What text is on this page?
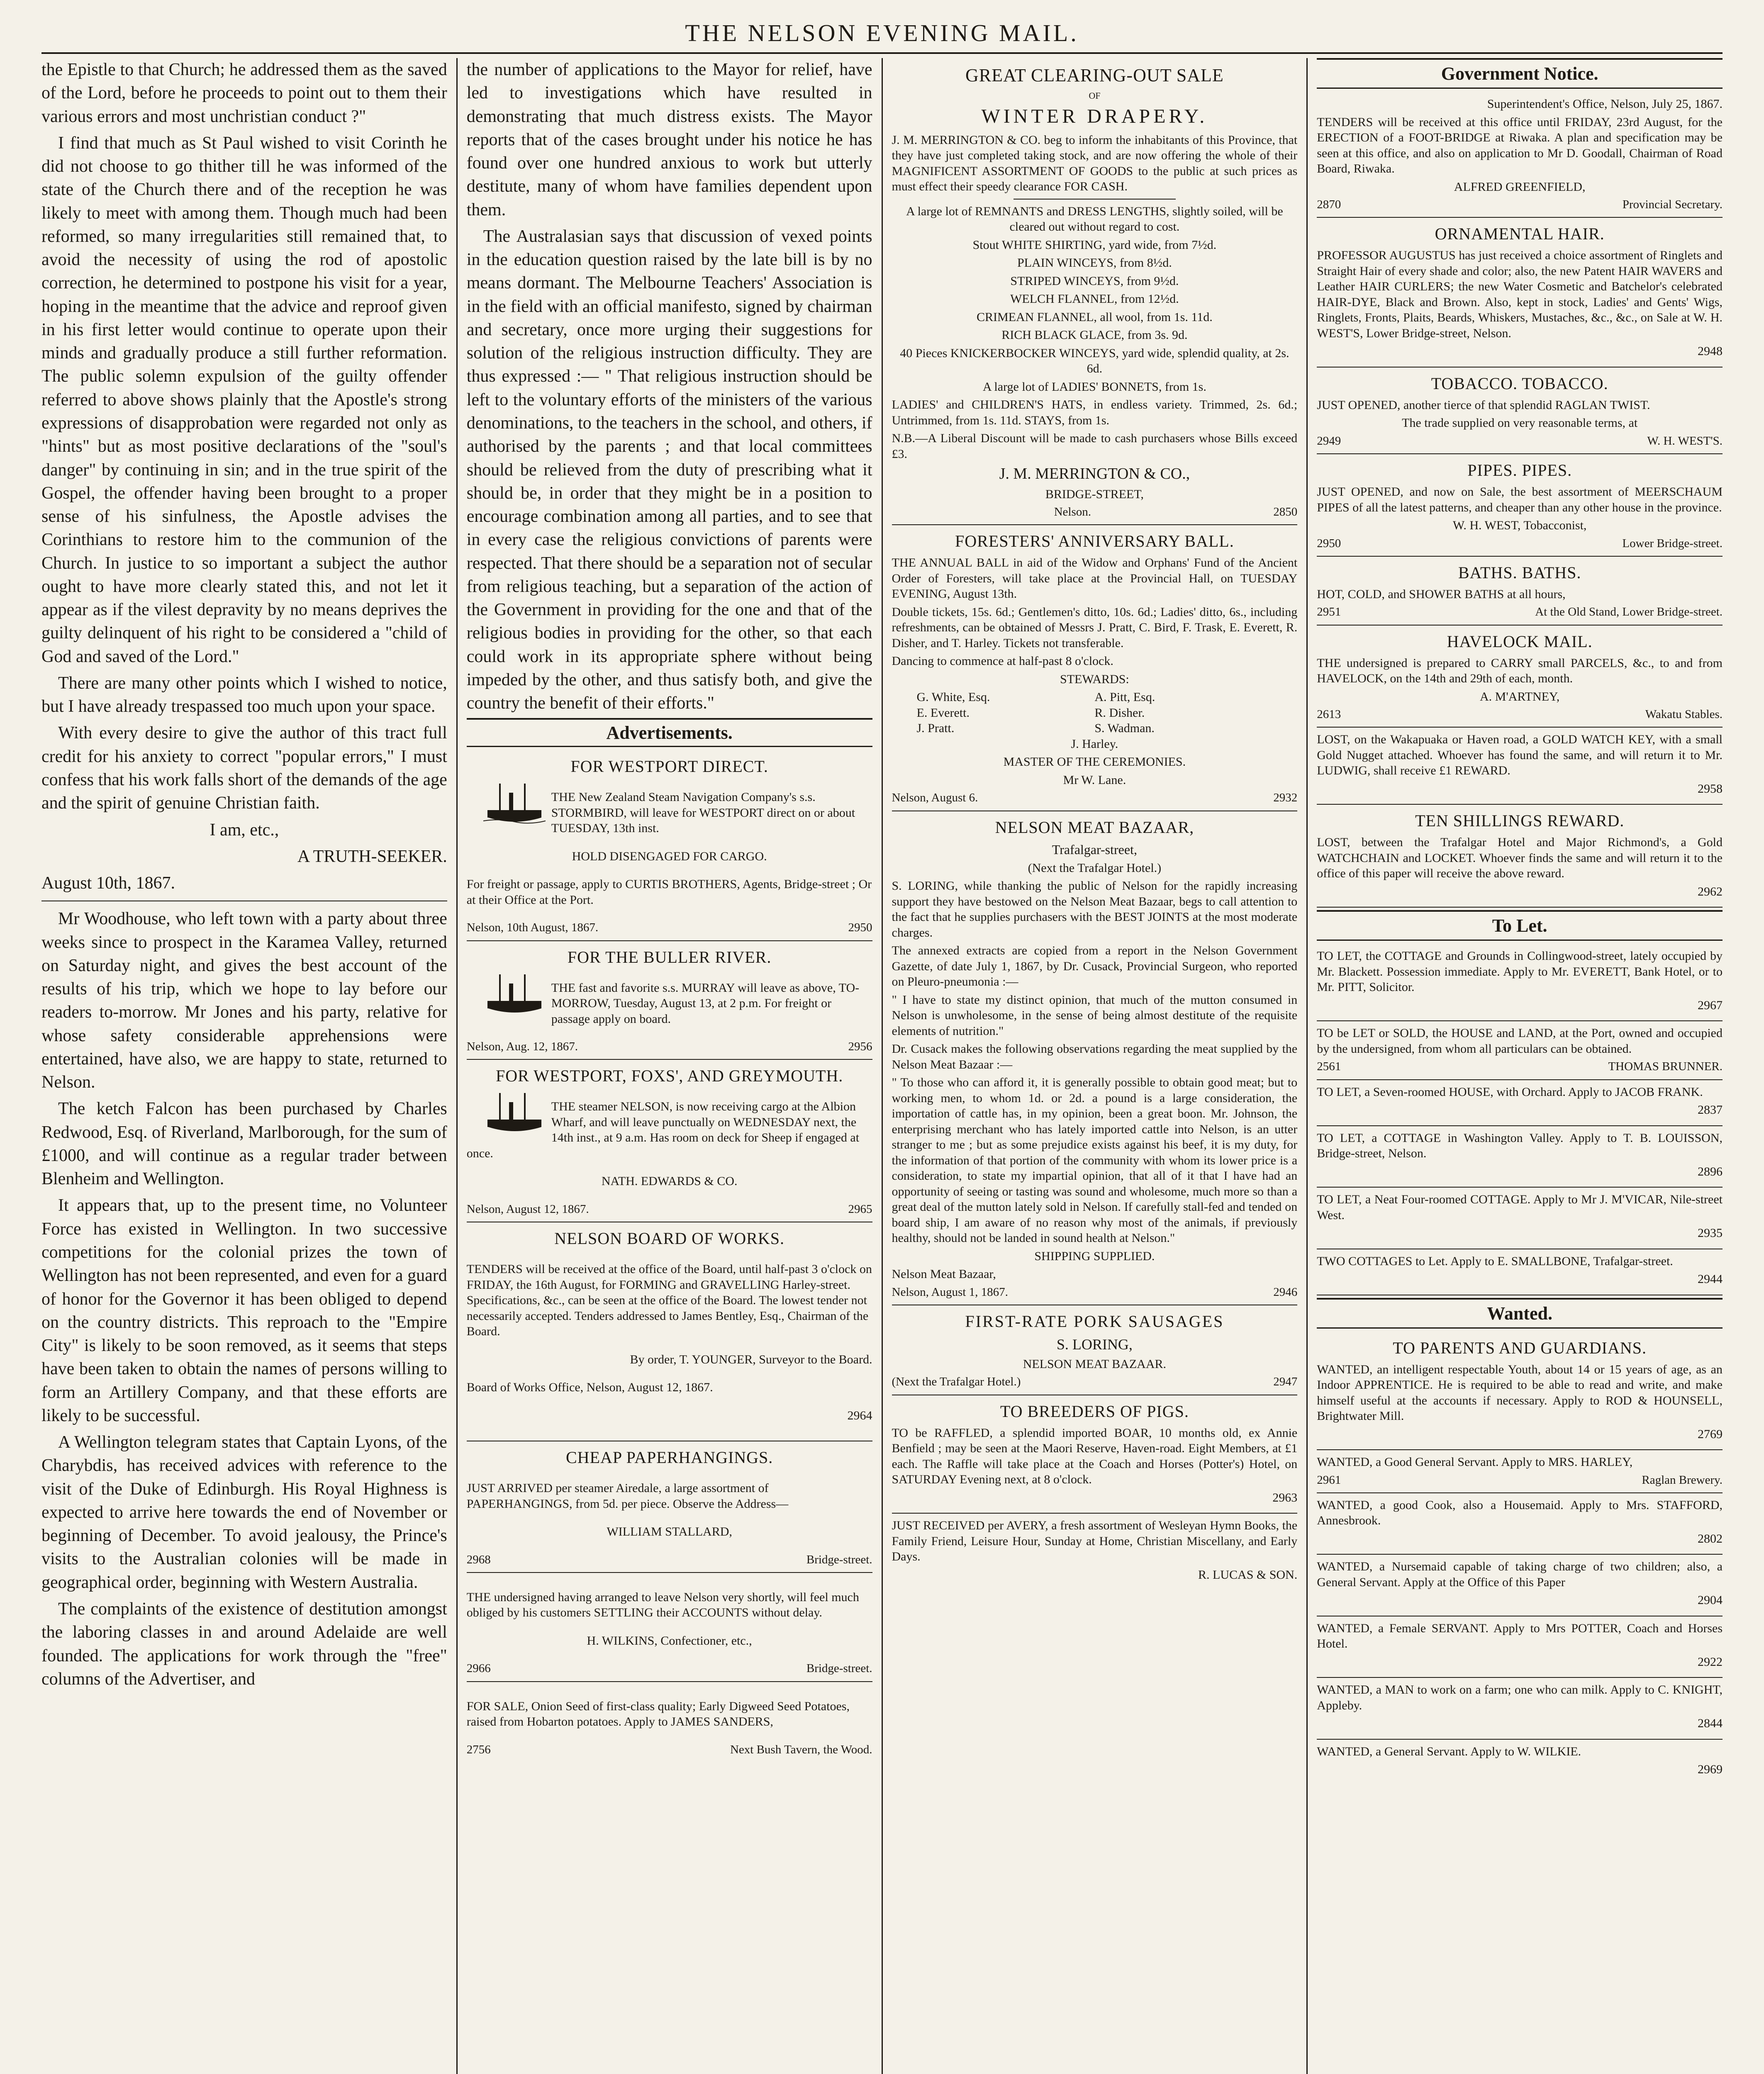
THE NELSON EVENING MAIL.

the Epistle to that Church; he addressed them as the saved of the Lord, before he proceeds to point out to them their various errors and most unchristian conduct ?"

I find that much as St Paul wished to visit Corinth he did not choose to go thither till he was informed of the state of the Church there and of the reception he was likely to meet with among them. Though much had been reformed, so many irregularities still remained that, to avoid the necessity of using the rod of apostolic correction, he determined to postpone his visit for a year, hoping in the meantime that the advice and reproof given in his first letter would continue to operate upon their minds and gradually produce a still further reformation. The public solemn expulsion of the guilty offender referred to above shows plainly that the Apostle's strong expressions of disapprobation were regarded not only as "hints" but as most positive declarations of the "soul's danger" by continuing in sin; and in the true spirit of the Gospel, the offender having been brought to a proper sense of his sinfulness, the Apostle advises the Corinthians to restore him to the communion of the Church. In justice to so important a subject the author ought to have more clearly stated this, and not let it appear as if the vilest depravity by no means deprives the guilty delinquent of his right to be considered a "child of God and saved of the Lord."

There are many other points which I wished to notice, but I have already trespassed too much upon your space.

With every desire to give the author of this tract full credit for his anxiety to correct "popular errors," I must confess that his work falls short of the demands of the age and the spirit of genuine Christian faith.

I am, etc.,

A TRUTH-SEEKER.

August 10th, 1867.

Mr Woodhouse, who left town with a party about three weeks since to prospect in the Karamea Valley, returned on Saturday night, and gives the best account of the results of his trip, which we hope to lay before our readers to-morrow. Mr Jones and his party, relative for whose safety considerable apprehensions were entertained, have also, we are happy to state, returned to Nelson.

The ketch Falcon has been purchased by Charles Redwood, Esq. of Riverland, Marlborough, for the sum of £1000, and will continue as a regular trader between Blenheim and Wellington.

It appears that, up to the present time, no Volunteer Force has existed in Wellington. In two successive competitions for the colonial prizes the town of Wellington has not been represented, and even for a guard of honor for the Governor it has been obliged to depend on the country districts. This reproach to the "Empire City" is likely to be soon removed, as it seems that steps have been taken to obtain the names of persons willing to form an Artillery Company, and that these efforts are likely to be successful.

A Wellington telegram states that Captain Lyons, of the Charybdis, has received advices with reference to the visit of the Duke of Edinburgh. His Royal Highness is expected to arrive here towards the end of November or beginning of December. To avoid jealousy, the Prince's visits to the Australian colonies will be made in geographical order, beginning with Western Australia.

The complaints of the existence of destitution amongst the laboring classes in and around Adelaide are well founded. The applications for work through the "free" columns of the Advertiser, and

the number of applications to the Mayor for relief, have led to investigations which have resulted in demonstrating that much distress exists. The Mayor reports that of the cases brought under his notice he has found over one hundred anxious to work but utterly destitute, many of whom have families dependent upon them.

The Australasian says that discussion of vexed points in the education question raised by the late bill is by no means dormant. The Melbourne Teachers' Association is in the field with an official manifesto, signed by chairman and secretary, once more urging their suggestions for solution of the religious instruction difficulty. They are thus expressed :— " That religious instruction should be left to the voluntary efforts of the ministers of the various denominations, to the teachers in the school, and others, if authorised by the parents ; and that local committees should be relieved from the duty of prescribing what it should be, in order that they might be in a position to encourage combination among all parties, and to see that in every case the religious convictions of parents were respected. That there should be a separation not of secular from religious teaching, but a separation of the action of the Government in providing for the one and that of the religious bodies in providing for the other, so that each could work in its appropriate sphere without being impeded by the other, and thus satisfy both, and give the country the benefit of their efforts."

Advertisements.
FOR WESTPORT DIRECT.

THE New Zealand Steam Navigation Company's s.s. STORMBIRD, will leave for WESTPORT direct on or about TUESDAY, 13th inst.

HOLD DISENGAGED FOR CARGO.

For freight or passage, apply to CURTIS BROTHERS, Agents, Bridge-street ; Or at their Office at the Port.

Nelson, 10th August, 1867.	2950
FOR THE BULLER RIVER.

THE fast and favorite s.s. MURRAY will leave as above, TO-MORROW, Tuesday, August 13, at 2 p.m. For freight or passage apply on board.

Nelson, Aug. 12, 1867.	2956
FOR WESTPORT, FOXS', AND GREYMOUTH.

THE steamer NELSON, is now receiving cargo at the Albion Wharf, and will leave punctually on WEDNESDAY next, the 14th inst., at 9 a.m. Has room on deck for Sheep if engaged at once.

NATH. EDWARDS & CO.

Nelson, August 12, 1867.	2965
NELSON BOARD OF WORKS.

TENDERS will be received at the office of the Board, until half-past 3 o'clock on FRIDAY, the 16th August, for FORMING and GRAVELLING Harley-street. Specifications, &c., can be seen at the office of the Board. The lowest tender not necessarily accepted. Tenders addressed to James Bentley, Esq., Chairman of the Board.

By order, T. YOUNGER, Surveyor to the Board.

Board of Works Office, Nelson, August 12, 1867.

2964

CHEAP PAPERHANGINGS.

JUST ARRIVED per steamer Airedale, a large assortment of PAPERHANGINGS, from 5d. per piece. Observe the Address—

WILLIAM STALLARD,

2968	Bridge-street.

THE undersigned having arranged to leave Nelson very shortly, will feel much obliged by his customers SETTLING their ACCOUNTS without delay.

H. WILKINS, Confectioner, etc.,

2966	Bridge-street.

FOR SALE, Onion Seed of first-class quality; Early Digweed Seed Potatoes, raised from Hobarton potatoes. Apply to JAMES SANDERS,

2756	Next Bush Tavern, the Wood.
GREAT CLEARING-OUT SALE
OF
WINTER DRAPERY.

J. M. MERRINGTON & CO. beg to inform the inhabitants of this Province, that they have just completed taking stock, and are now offering the whole of their MAGNIFICENT ASSORTMENT OF GOODS to the public at such prices as must effect their speedy clearance FOR CASH.

A large lot of REMNANTS and DRESS LENGTHS, slightly soiled, will be cleared out without regard to cost.

Stout WHITE SHIRTING, yard wide, from 7½d.

PLAIN WINCEYS, from 8½d.

STRIPED WINCEYS, from 9½d.

WELCH FLANNEL, from 12½d.

CRIMEAN FLANNEL, all wool, from 1s. 11d.

RICH BLACK GLACE, from 3s. 9d.

40 Pieces KNICKERBOCKER WINCEYS, yard wide, splendid quality, at 2s. 6d.

A large lot of LADIES' BONNETS, from 1s.

LADIES' and CHILDREN'S HATS, in endless variety. Trimmed, 2s. 6d.; Untrimmed, from 1s. 11d. STAYS, from 1s.

N.B.—A Liberal Discount will be made to cash purchasers whose Bills exceed £3.

J. M. MERRINGTON & CO.,

BRIDGE-STREET,

Nelson.	2850
FORESTERS' ANNIVERSARY BALL.

THE ANNUAL BALL in aid of the Widow and Orphans' Fund of the Ancient Order of Foresters, will take place at the Provincial Hall, on TUESDAY EVENING, August 13th.

Double tickets, 15s. 6d.; Gentlemen's ditto, 10s. 6d.; Ladies' ditto, 6s., including refreshments, can be obtained of Messrs J. Pratt, C. Bird, F. Trask, E. Everett, R. Disher, and T. Harley. Tickets not transferable.

Dancing to commence at half-past 8 o'clock.

STEWARDS:

G. White, Esq.	A. Pitt, Esq.
E. Everett.	R. Disher.
J. Pratt.	S. Wadman.

J. Harley.

MASTER OF THE CEREMONIES.

Mr W. Lane.

Nelson, August 6.	2932
NELSON MEAT BAZAAR,
Trafalgar-street,
(Next the Trafalgar Hotel.)

S. LORING, while thanking the public of Nelson for the rapidly increasing support they have bestowed on the Nelson Meat Bazaar, begs to call attention to the fact that he supplies purchasers with the BEST JOINTS at the most moderate charges.

The annexed extracts are copied from a report in the Nelson Government Gazette, of date July 1, 1867, by Dr. Cusack, Provincial Surgeon, who reported on Pleuro-pneumonia :—

" I have to state my distinct opinion, that much of the mutton consumed in Nelson is unwholesome, in the sense of being almost destitute of the requisite elements of nutrition."

Dr. Cusack makes the following observations regarding the meat supplied by the Nelson Meat Bazaar :—

" To those who can afford it, it is generally possible to obtain good meat; but to working men, to whom 1d. or 2d. a pound is a large consideration, the importation of cattle has, in my opinion, been a great boon. Mr. Johnson, the enterprising merchant who has lately imported cattle into Nelson, is an utter stranger to me ; but as some prejudice exists against his beef, it is my duty, for the information of that portion of the community with whom its lower price is a consideration, to state my impartial opinion, that all of it that I have had an opportunity of seeing or tasting was sound and wholesome, much more so than a great deal of the mutton lately sold in Nelson. If carefully stall-fed and tended on board ship, I am aware of no reason why most of the animals, if previously healthy, should not be landed in sound health at Nelson."

SHIPPING SUPPLIED.

Nelson Meat Bazaar,

Nelson, August 1, 1867.	2946
FIRST-RATE PORK SAUSAGES

S. LORING,

NELSON MEAT BAZAAR.

(Next the Trafalgar Hotel.)	2947
TO BREEDERS OF PIGS.

TO be RAFFLED, a splendid imported BOAR, 10 months old, ex Annie Benfield ; may be seen at the Maori Reserve, Haven-road. Eight Members, at £1 each. The Raffle will take place at the Coach and Horses (Potter's) Hotel, on SATURDAY Evening next, at 8 o'clock.

2963

JUST RECEIVED per AVERY, a fresh assortment of Wesleyan Hymn Books, the Family Friend, Leisure Hour, Sunday at Home, Christian Miscellany, and Early Days.

R. LUCAS & SON.

Government Notice.

Superintendent's Office, Nelson, July 25, 1867.

TENDERS will be received at this office until FRIDAY, 23rd August, for the ERECTION of a FOOT-BRIDGE at Riwaka. A plan and specification may be seen at this office, and also on application to Mr D. Goodall, Chairman of Road Board, Riwaka.

ALFRED GREENFIELD,

2870	Provincial Secretary.
ORNAMENTAL HAIR.

PROFESSOR AUGUSTUS has just received a choice assortment of Ringlets and Straight Hair of every shade and color; also, the new Patent HAIR WAVERS and Leather HAIR CURLERS; the new Water Cosmetic and Batchelor's celebrated HAIR-DYE, Black and Brown. Also, kept in stock, Ladies' and Gents' Wigs, Ringlets, Fronts, Plaits, Beards, Whiskers, Mustaches, &c., &c., on Sale at W. H. WEST'S, Lower Bridge-street, Nelson.

2948

TOBACCO. TOBACCO.

JUST OPENED, another tierce of that splendid RAGLAN TWIST.

The trade supplied on very reasonable terms, at

2949	W. H. WEST'S.
PIPES. PIPES.

JUST OPENED, and now on Sale, the best assortment of MEERSCHAUM PIPES of all the latest patterns, and cheaper than any other house in the province.

W. H. WEST, Tobacconist,

2950	Lower Bridge-street.
BATHS. BATHS.

HOT, COLD, and SHOWER BATHS at all hours,

2951	At the Old Stand, Lower Bridge-street.
HAVELOCK MAIL.

THE undersigned is prepared to CARRY small PARCELS, &c., to and from HAVELOCK, on the 14th and 29th of each, month.

A. M'ARTNEY,

2613	Wakatu Stables.

LOST, on the Wakapuaka or Haven road, a GOLD WATCH KEY, with a small Gold Nugget attached. Whoever has found the same, and will return it to Mr. LUDWIG, shall receive £1 REWARD.

2958

TEN SHILLINGS REWARD.

LOST, between the Trafalgar Hotel and Major Richmond's, a Gold WATCHCHAIN and LOCKET. Whoever finds the same and will return it to the office of this paper will receive the above reward.

2962

To Let.

TO LET, the COTTAGE and Grounds in Collingwood-street, lately occupied by Mr. Blackett. Possession immediate. Apply to Mr. EVERETT, Bank Hotel, or to Mr. PITT, Solicitor.

2967

TO be LET or SOLD, the HOUSE and LAND, at the Port, owned and occupied by the undersigned, from whom all particulars can be obtained.

2561	THOMAS BRUNNER.

TO LET, a Seven-roomed HOUSE, with Orchard. Apply to JACOB FRANK.

2837

TO LET, a COTTAGE in Washington Valley. Apply to T. B. LOUISSON, Bridge-street, Nelson.

2896

TO LET, a Neat Four-roomed COTTAGE. Apply to Mr J. M'VICAR, Nile-street West.

2935

TWO COTTAGES to Let. Apply to E. SMALLBONE, Trafalgar-street.

2944

Wanted.
TO PARENTS AND GUARDIANS.

WANTED, an intelligent respectable Youth, about 14 or 15 years of age, as an Indoor APPRENTICE. He is required to be able to read and write, and make himself useful at the accounts if necessary. Apply to ROD & HOUNSELL, Brightwater Mill.

2769

WANTED, a Good General Servant. Apply to MRS. HARLEY,

2961	Raglan Brewery.

WANTED, a good Cook, also a Housemaid. Apply to Mrs. STAFFORD, Annesbrook.

2802

WANTED, a Nursemaid capable of taking charge of two children; also, a General Servant. Apply at the Office of this Paper

2904

WANTED, a Female SERVANT. Apply to Mrs POTTER, Coach and Horses Hotel.

2922

WANTED, a MAN to work on a farm; one who can milk. Apply to C. KNIGHT, Appleby.

2844

WANTED, a General Servant. Apply to W. WILKIE.

2969
